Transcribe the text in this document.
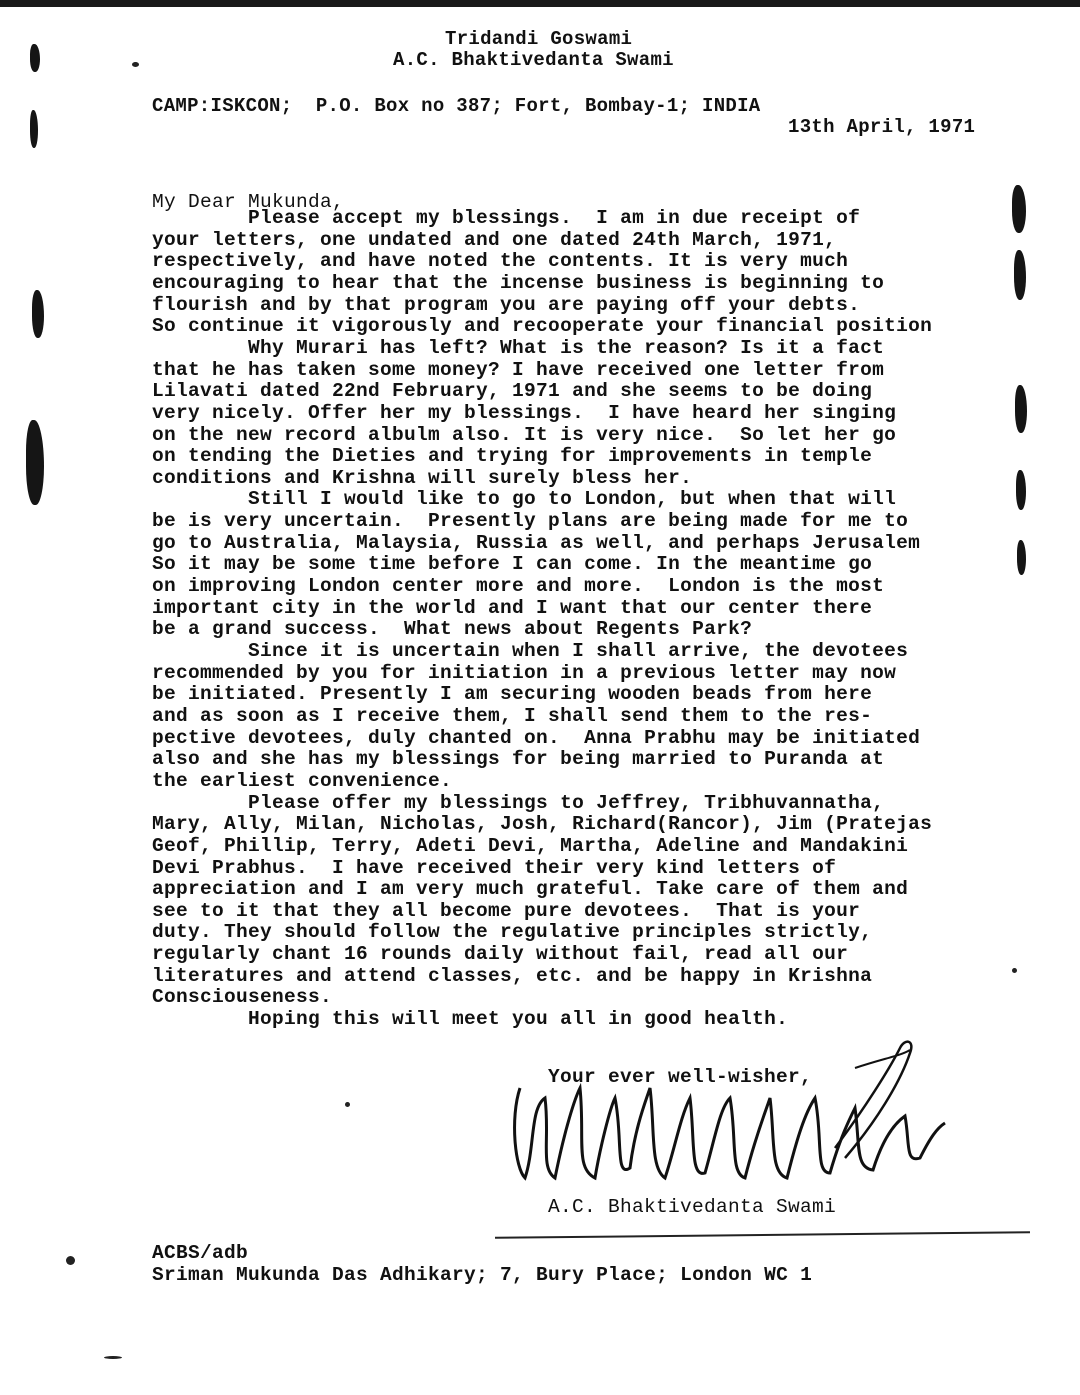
Tridandi Goswami
A.C. Bhaktivedanta Swami
CAMP:ISKCON;  P.O. Box no 387; Fort, Bombay-1; INDIA
13th April, 1971
My Dear Mukunda,
Please accept my blessings.  I am in due receipt of
your letters, one undated and one dated 24th March, 1971,
respectively, and have noted the contents. It is very much
encouraging to hear that the incense business is beginning to
flourish and by that program you are paying off your debts.
So continue it vigorously and recooperate your financial position
Why Murari has left? What is the reason? Is it a fact
that he has taken some money? I have received one letter from
Lilavati dated 22nd February, 1971 and she seems to be doing
very nicely. Offer her my blessings.  I have heard her singing
on the new record albulm also. It is very nice.  So let her go
on tending the Dieties and trying for improvements in temple
conditions and Krishna will surely bless her.
Still I would like to go to London, but when that will
be is very uncertain.  Presently plans are being made for me to
go to Australia, Malaysia, Russia as well, and perhaps Jerusalem
So it may be some time before I can come. In the meantime go
on improving London center more and more.  London is the most
important city in the world and I want that our center there
be a grand success.  What news about Regents Park?
Since it is uncertain when I shall arrive, the devotees
recommended by you for initiation in a previous letter may now
be initiated. Presently I am securing wooden beads from here
and as soon as I receive them, I shall send them to the res-
pective devotees, duly chanted on.  Anna Prabhu may be initiated
also and she has my blessings for being married to Puranda at
the earliest convenience.
Please offer my blessings to Jeffrey, Tribhuvannatha,
Mary, Ally, Milan, Nicholas, Josh, Richard(Rancor), Jim (Pratejas
Geof, Phillip, Terry, Adeti Devi, Martha, Adeline and Mandakini
Devi Prabhus.  I have received their very kind letters of
appreciation and I am very much grateful. Take care of them and
see to it that they all become pure devotees.  That is your
duty. They should follow the regulative principles strictly,
regularly chant 16 rounds daily without fail, read all our
literatures and attend classes, etc. and be happy in Krishna
Consciouseness.
Hoping this will meet you all in good health.
Your ever well-wisher,
A.C. Bhaktivedanta Swami
ACBS/adb
Sriman Mukunda Das Adhikary; 7, Bury Place; London WC 1
